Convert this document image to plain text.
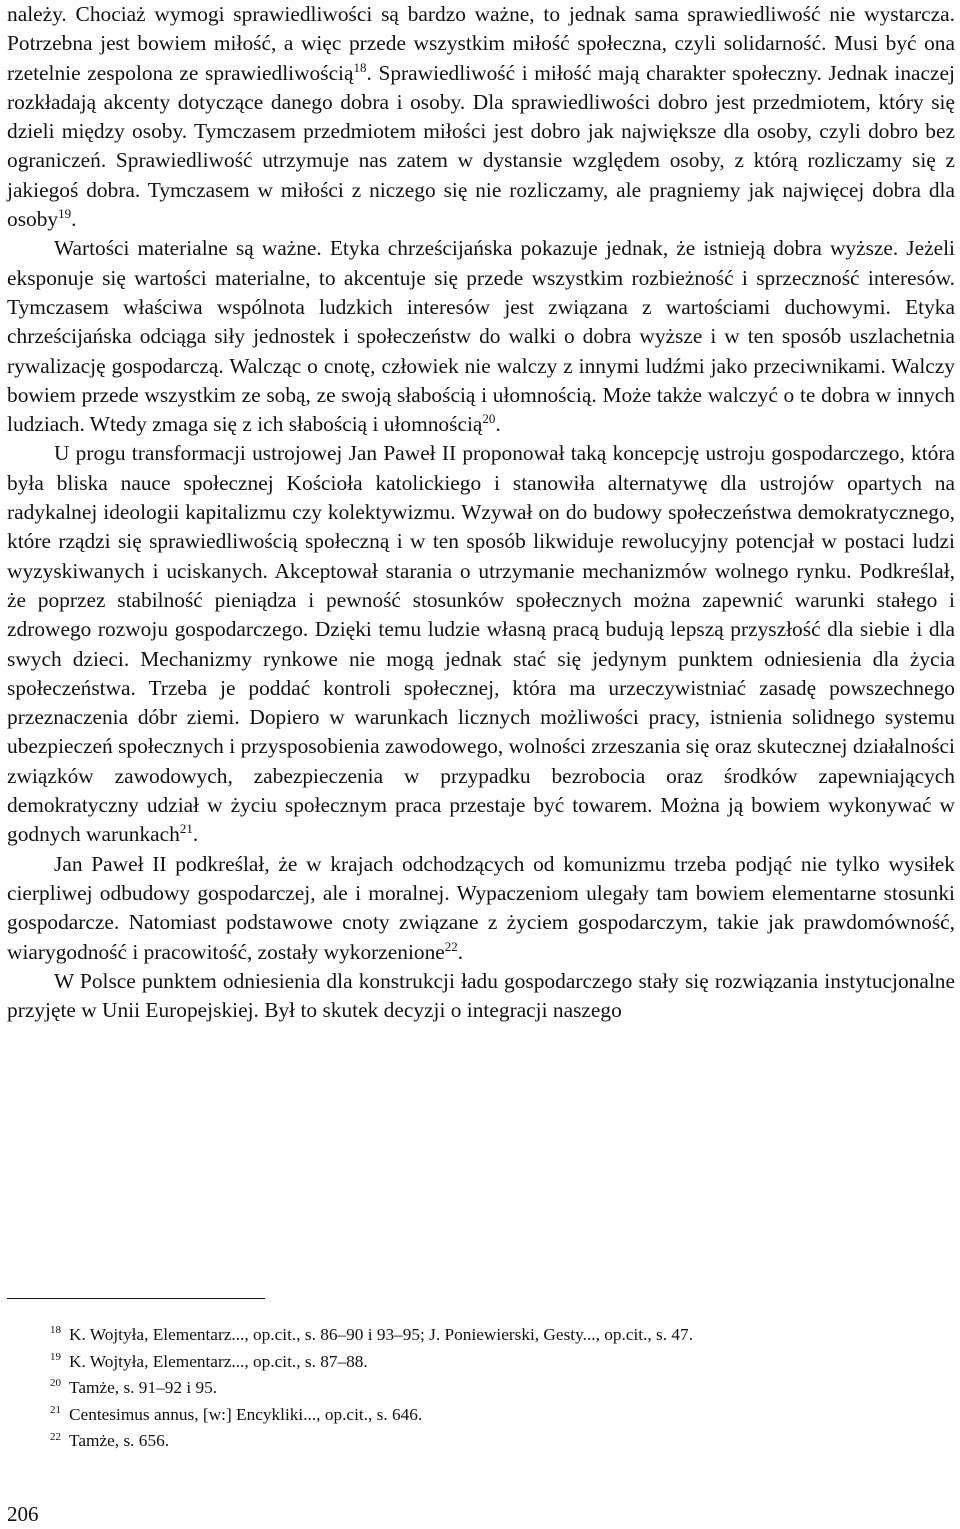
należy. Chociaż wymogi sprawiedliwości są bardzo ważne, to jednak sama sprawiedliwość nie wystarcza. Potrzebna jest bowiem miłość, a więc przede wszystkim miłość społeczna, czyli solidarność. Musi być ona rzetelnie zespolona ze sprawiedliwością$^{18}$. Sprawiedliwość i miłość mają charakter społeczny. Jednak inaczej rozkładają akcenty dotyczące danego dobra i osoby. Dla sprawiedliwości dobro jest przedmiotem, który się dzieli między osoby. Tymczasem przedmiotem miłości jest dobro jak największe dla osoby, czyli dobro bez ograniczeń. Sprawiedliwość utrzymuje nas zatem w dystansie względem osoby, z którą rozliczamy się z jakiegoś dobra. Tymczasem w miłości z niczego się nie rozliczamy, ale pragniemy jak najwięcej dobra dla osoby$^{19}$.

Wartości materialne są ważne. Etyka chrześcijańska pokazuje jednak, że istnieją dobra wyższe. Jeżeli eksponuje się wartości materialne, to akcentuje się przede wszystkim rozbieżność i sprzeczność interesów. Tymczasem właściwa wspólnota ludzkich interesów jest związana z wartościami duchowymi. Etyka chrześcijańska odciąga siły jednostek i społeczeństw do walki o dobra wyższe i w ten sposób uszlachetnia rywalizację gospodarczą. Walcząc o cnotę, człowiek nie walczy z innymi ludźmi jako przeciwnikami. Walczy bowiem przede wszystkim ze sobą, ze swoją słabością i ułomnością. Może także walczyć o te dobra w innych ludziach. Wtedy zmaga się z ich słabością i ułomnością$^{20}$.

U progu transformacji ustrojowej Jan Paweł II proponował taką koncepcję ustroju gospodarczego, która była bliska nauce społecznej Kościoła katolickiego i stanowiła alternatywę dla ustrojów opartych na radykalnej ideologii kapitalizmu czy kolektywizmu. Wzywał on do budowy społeczeństwa demokratycznego, które rządzi się sprawiedliwością społeczną i w ten sposób likwiduje rewolucyjny potencjał w postaci ludzi wyzyskiwanych i uciskanych. Akceptował starania o utrzymanie mechanizmów wolnego rynku. Podkreślał, że poprzez stabilność pieniądza i pewność stosunków społecznych można zapewnić warunki stałego i zdrowego rozwoju gospodarczego. Dzięki temu ludzie własną pracą budują lepszą przyszłość dla siebie i dla swych dzieci. Mechanizmy rynkowe nie mogą jednak stać się jedynym punktem odniesienia dla życia społeczeństwa. Trzeba je poddać kontroli społecznej, która ma urzeczywistniać zasadę powszechnego przeznaczenia dóbr ziemi. Dopiero w warunkach licznych możliwości pracy, istnienia solidnego systemu ubezpieczeń społecznych i przysposobienia zawodowego, wolności zrzeszania się oraz skutecznej działalności związków zawodowych, zabezpieczenia w przypadku bezrobocia oraz środków zapewniających demokratyczny udział w życiu społecznym praca przestaje być towarem. Można ją bowiem wykonywać w godnych warunkach$^{21}$.

Jan Paweł II podkreślał, że w krajach odchodzących od komunizmu trzeba podjąć nie tylko wysiłek cierpliwej odbudowy gospodarczej, ale i moralnej. Wypaczeniom ulegały tam bowiem elementarne stosunki gospodarcze. Natomiast podstawowe cnoty związane z życiem gospodarczym, takie jak prawdomówność, wiarygodność i pracowitość, zostały wykorzenione$^{22}$.

W Polsce punktem odniesienia dla konstrukcji ładu gospodarczego stały się rozwiązania instytucjonalne przyjęte w Unii Europejskiej. Był to skutek decyzji o integracji naszego

$^{18}$ K. Wojtyła, Elementarz..., op.cit., s. 86–90 i 93–95; J. Poniewierski, Gesty..., op.cit., s. 47.

$^{19}$ K. Wojtyła, Elementarz..., op.cit., s. 87–88.

$^{20}$ Tamże, s. 91–92 i 95.

$^{21}$ Centesimus annus, [w:] Encykliki..., op.cit., s. 646.

$^{22}$ Tamże, s. 656.

206
